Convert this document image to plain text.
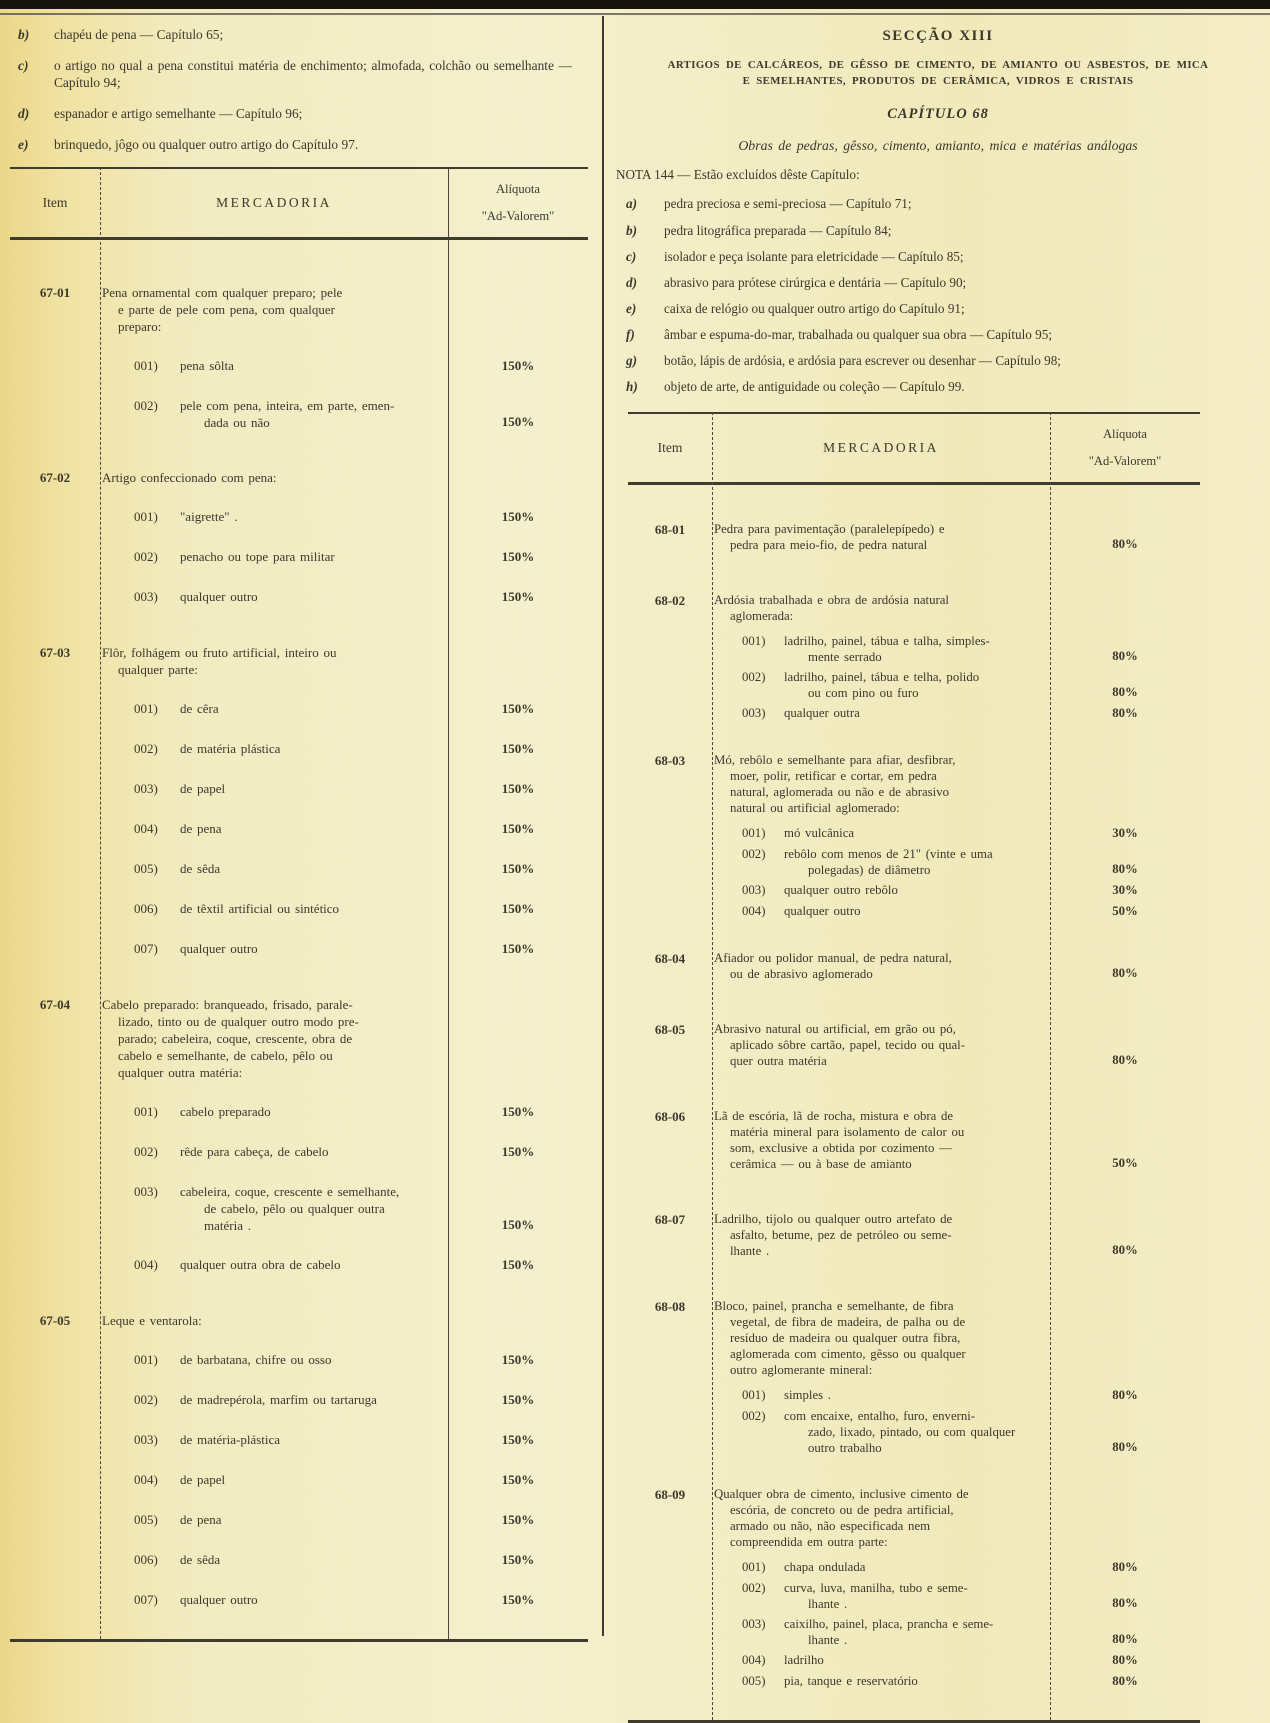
b)	chapéu de pena — Capítulo 65;
c)	o artigo no qual a pena constitui matéria de enchimento; almofada, colchão ou semelhante — Capítulo 94;
d)	espanador e artigo semelhante — Capítulo 96;
e)	brinquedo, jôgo ou qualquer outro artigo do Capítulo 97.
Item	MERCADORIA
Alíquota
"Ad-Valorem"
67-01	Pena ornamental com qualquer preparo; pele
e parte de pele com pena, com qualquer
preparo:
001)	pena sôlta	150%
002)	pele com pena, inteira, em parte, emen-
dada ou não	150%
67-02	Artigo confeccionado com pena:
001)	"aigrette" .	150%
002)	penacho ou tope para militar	150%
003)	qualquer outro	150%
67-03	Flôr, folhágem ou fruto artificial, inteiro ou
qualquer parte:
001)	de cêra	150%
002)	de matéria plástica	150%
003)	de papel	150%
004)	de pena	150%
005)	de sêda	150%
006)	de têxtil artificial ou sintético	150%
007)	qualquer outro	150%
67-04	Cabelo preparado: branqueado, frisado, parale-
lizado, tinto ou de qualquer outro modo pre-
parado; cabeleira, coque, crescente, obra de
cabelo e semelhante, de cabelo, pêlo ou
qualquer outra matéria:
001)	cabelo preparado	150%
002)	rêde para cabeça, de cabelo	150%
003)	cabeleira, coque, crescente e semelhante,
de cabelo, pêlo ou qualquer outra
matéria .	150%
004)	qualquer outra obra de cabelo	150%
67-05	Leque e ventarola:
001)	de barbatana, chifre ou osso	150%
002)	de madrepérola, marfim ou tartaruga	150%
003)	de matéria-plástica	150%
004)	de papel	150%
005)	de pena	150%
006)	de sêda	150%
007)	qualquer outro	150%
SECÇÃO XIII
ARTIGOS DE CALCÁREOS, DE GÊSSO DE CIMENTO, DE AMIANTO OU ASBESTOS, DE MICA
E SEMELHANTES, PRODUTOS DE CERÂMICA, VIDROS E CRISTAIS
CAPÍTULO 68
Obras de pedras, gêsso, cimento, amianto, mica e matérias análogas
NOTA 144 — Estão excluídos dêste Capítulo:
a)	pedra preciosa e semi-preciosa — Capítulo 71;
b)	pedra litográfica preparada — Capítulo 84;
c)	isolador e peça isolante para eletricidade — Capítulo 85;
d)	abrasivo para prótese cirúrgica e dentária — Capítulo 90;
e)	caixa de relógio ou qualquer outro artigo do Capítulo 91;
f)	âmbar e espuma-do-mar, trabalhada ou qualquer sua obra — Capítulo 95;
g)	botão, lápis de ardósia, e ardósia para escrever ou desenhar — Capítulo 98;
h)	objeto de arte, de antiguidade ou coleção — Capítulo 99.
Item	MERCADORIA
Alíquota
"Ad-Valorem"
68-01	Pedra para pavimentação (paralelepípedo) e
pedra para meio-fio, de pedra natural	80%
68-02	Ardósia trabalhada e obra de ardósia natural
aglomerada:
001)	ladrilho, painel, tábua e talha, simples-
mente serrado	80%
002)	ladrilho, painel, tábua e telha, polido
ou com pino ou furo	80%
003)	qualquer outra	80%
68-03	Mó, rebôlo e semelhante para afiar, desfibrar,
moer, polir, retificar e cortar, em pedra
natural, aglomerada ou não e de abrasivo
natural ou artificial aglomerado:
001)	mó vulcânica	30%
002)	rebôlo com menos de 21" (vinte e uma
polegadas) de diâmetro	80%
003)	qualquer outro rebôlo	30%
004)	qualquer outro	50%
68-04	Afiador ou polidor manual, de pedra natural,
ou de abrasivo aglomerado	80%
68-05	Abrasivo natural ou artificial, em grão ou pó,
aplicado sôbre cartão, papel, tecido ou qual-
quer outra matéria	80%
68-06	Lã de escória, lã de rocha, mistura e obra de
matéria mineral para isolamento de calor ou
som, exclusive a obtida por cozimento —
cerâmica — ou à base de amianto	50%
68-07	Ladrilho, tijolo ou qualquer outro artefato de
asfalto, betume, pez de petróleo ou seme-
lhante .	80%
68-08	Bloco, painel, prancha e semelhante, de fibra
vegetal, de fibra de madeira, de palha ou de
resíduo de madeira ou qualquer outra fibra,
aglomerada com cimento, gêsso ou qualquer
outro aglomerante mineral:
001)	simples .	80%
002)	com encaixe, entalho, furo, enverni-
zado, lixado, pintado, ou com qualquer
outro trabalho	80%
68-09	Qualquer obra de cimento, inclusive cimento de
escória, de concreto ou de pedra artificial,
armado ou não, não especificada nem
compreendida em outra parte:
001)	chapa ondulada	80%
002)	curva, luva, manilha, tubo e seme-
lhante .	80%
003)	caixilho, painel, placa, prancha e seme-
lhante .	80%
004)	ladrilho	80%
005)	pia, tanque e reservatório	80%
